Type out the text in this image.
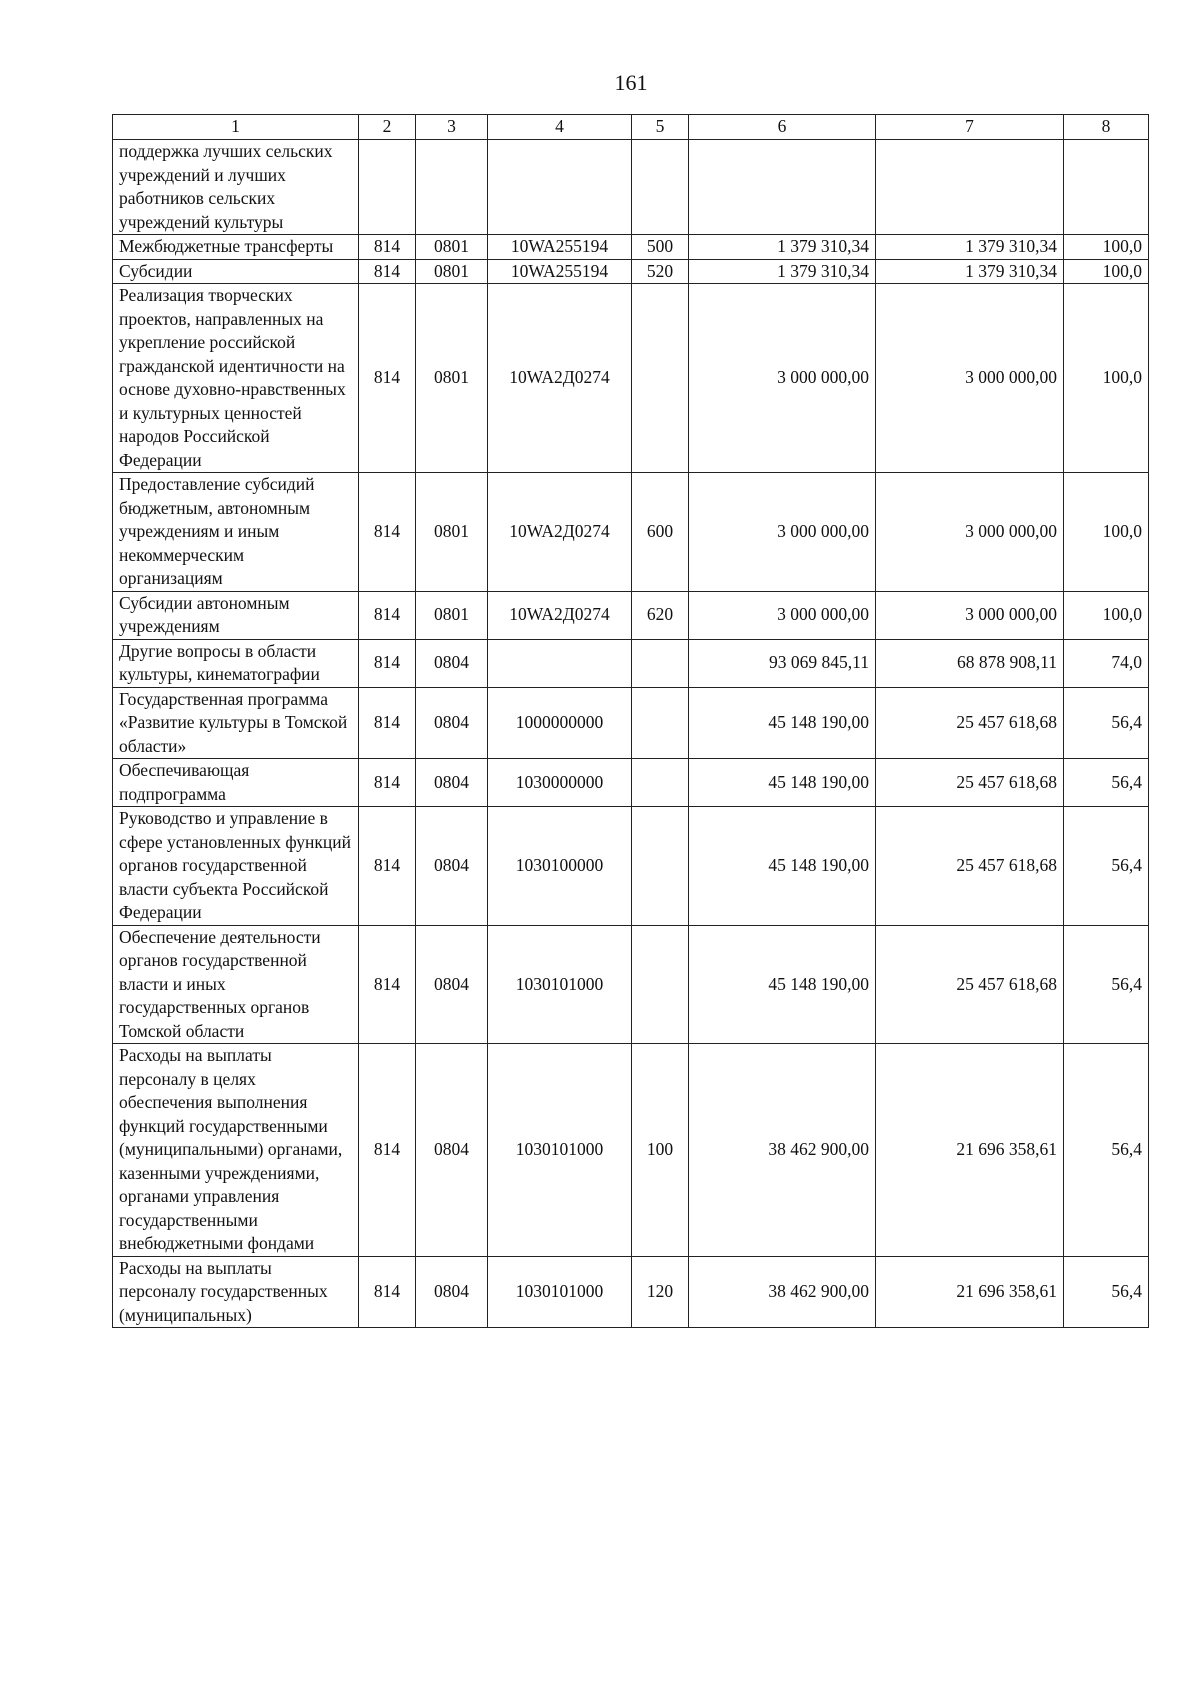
161
1	2	3	4	5	6	7	8
поддержка лучших сельских учреждений и лучших работников сельских учреждений культуры							
Межбюджетные трансферты	814	0801	10WA255194	500	1 379 310,34	1 379 310,34	100,0
Субсидии	814	0801	10WA255194	520	1 379 310,34	1 379 310,34	100,0
Реализация творческих проектов, направленных на укрепление российской гражданской идентичности на основе духовно-нравственных и культурных ценностей народов Российской Федерации	814	0801	10WA2Д0274		3 000 000,00	3 000 000,00	100,0
Предоставление субсидий бюджетным, автономным учреждениям и иным некоммерческим организациям	814	0801	10WA2Д0274	600	3 000 000,00	3 000 000,00	100,0
Субсидии автономным учреждениям	814	0801	10WA2Д0274	620	3 000 000,00	3 000 000,00	100,0
Другие вопросы в области культуры, кинематографии	814	0804			93 069 845,11	68 878 908,11	74,0
Государственная программа «Развитие культуры в Томской области»	814	0804	1000000000		45 148 190,00	25 457 618,68	56,4
Обеспечивающая подпрограмма	814	0804	1030000000		45 148 190,00	25 457 618,68	56,4
Руководство и управление в сфере установленных функций органов государственной власти субъекта Российской Федерации	814	0804	1030100000		45 148 190,00	25 457 618,68	56,4
Обеспечение деятельности органов государственной власти и иных государственных органов Томской области	814	0804	1030101000		45 148 190,00	25 457 618,68	56,4
Расходы на выплаты персоналу в целях обеспечения выполнения функций государственными (муниципальными) органами, казенными учреждениями, органами управления государственными внебюджетными фондами	814	0804	1030101000	100	38 462 900,00	21 696 358,61	56,4
Расходы на выплаты персоналу государственных (муниципальных)	814	0804	1030101000	120	38 462 900,00	21 696 358,61	56,4
